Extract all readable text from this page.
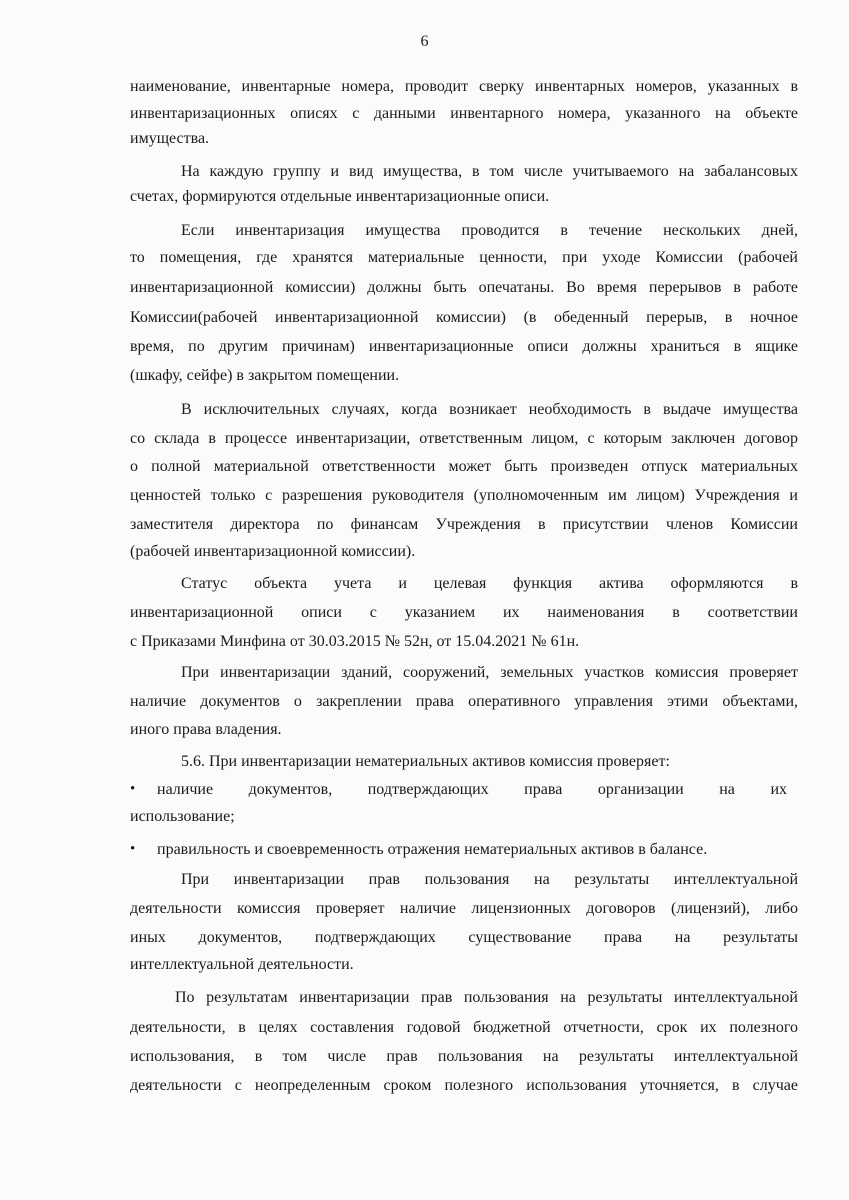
6
наименование, инвентарные номера, проводит сверку инвентарных номеров, указанных в
инвентаризационных описях с данными инвентарного номера, указанного на объекте
имущества.
На каждую группу и вид имущества, в том числе учитываемого на забалансовых
счетах, формируются отдельные инвентаризационные описи.
Если инвентаризация имущества проводится в течение нескольких дней,
то помещения, где хранятся материальные ценности, при уходе Комиссии (рабочей
инвентаризационной комиссии) должны быть опечатаны. Во время перерывов в работе
Комиссии(рабочей инвентаризационной комиссии) (в обеденный перерыв, в ночное
время, по другим причинам) инвентаризационные описи должны храниться в ящике
(шкафу, сейфе) в закрытом помещении.
В исключительных случаях, когда возникает необходимость в выдаче имущества
со склада в процессе инвентаризации, ответственным лицом, с которым заключен договор
о полной материальной ответственности может быть произведен отпуск материальных
ценностей только с разрешения руководителя (уполномоченным им лицом) Учреждения и
заместителя директора по финансам Учреждения в присутствии членов Комиссии
(рабочей инвентаризационной комиссии).
Статус объекта учета и целевая функция актива оформляются в
инвентаризационной описи с указанием их наименования в соответствии
с Приказами Минфина от 30.03.2015 № 52н, от 15.04.2021 № 61н.
При инвентаризации зданий, сооружений, земельных участков комиссия проверяет
наличие документов о закреплении права оперативного управления этими объектами,
иного права владения.
5.6. При инвентаризации нематериальных активов комиссия проверяет:
• наличие документов, подтверждающих права организации на их
использование;
• правильность и своевременность отражения нематериальных активов в балансе.
При инвентаризации прав пользования на результаты интеллектуальной
деятельности комиссия проверяет наличие лицензионных договоров (лицензий), либо
иных документов, подтверждающих существование права на результаты
интеллектуальной деятельности.
По результатам инвентаризации прав пользования на результаты интеллектуальной
деятельности, в целях составления годовой бюджетной отчетности, срок их полезного
использования, в том числе прав пользования на результаты интеллектуальной
деятельности с неопределенным сроком полезного использования уточняется, в случае
